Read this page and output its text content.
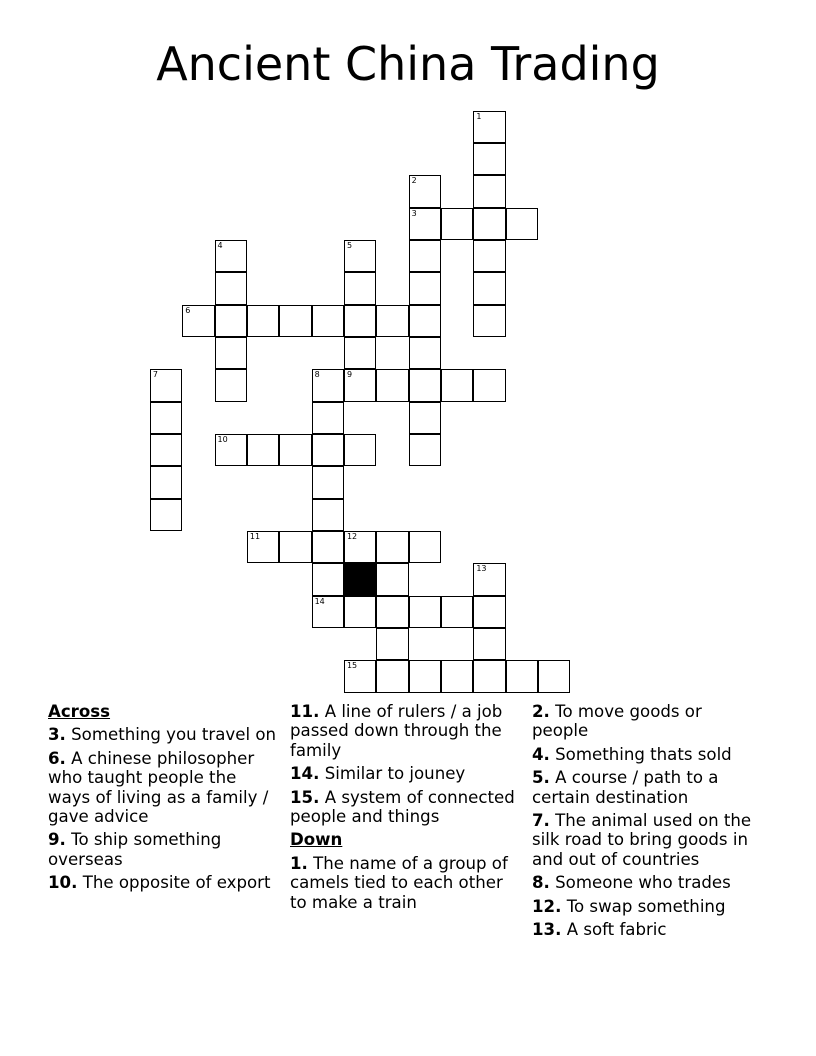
Ancient China Trading
1
2
3
4	5
6
7	8	9
10
11	12
13
14
15
Across
3. Something you travel on
6. A chinese philosopher who taught people the ways of living as a family / gave advice
9. To ship something overseas
10. The opposite of export
11. A line of rulers / a job passed down through the family
14. Similar to jouney
15. A system of connected people and things
Down
1. The name of a group of camels tied to each other to make a train
2. To move goods or people
4. Something thats sold
5. A course / path to a certain destination
7. The animal used on the silk road to bring goods in and out of countries
8. Someone who trades
12. To swap something
13. A soft fabric
